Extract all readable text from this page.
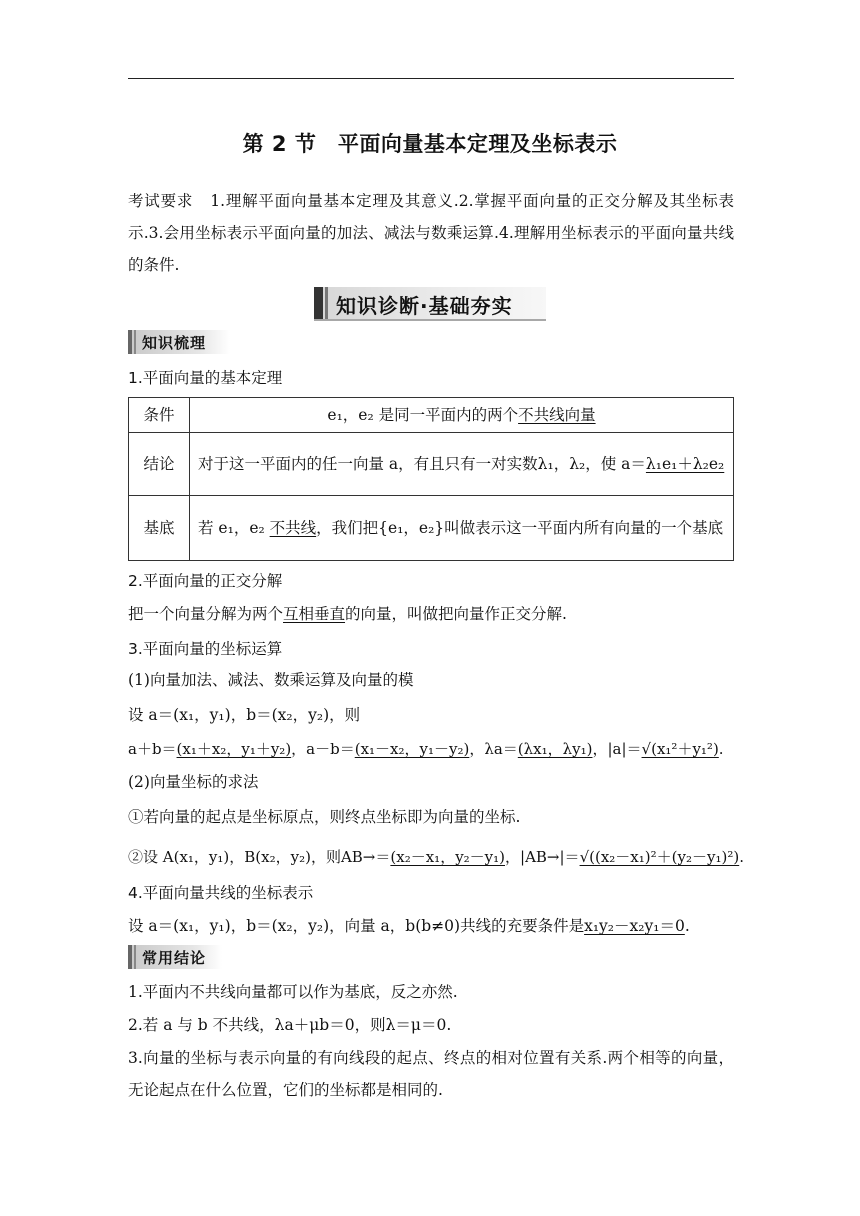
第 2 节　平面向量基本定理及坐标表示
考试要求 1.理解平面向量基本定理及其意义.2.掌握平面向量的正交分解及其坐标表示.3.会用坐标表示平面向量的加法、减法与数乘运算.4.理解用坐标表示的平面向量共线的条件.
知识诊断·基础夯实
知识梳理
1.平面向量的基本定理
条件	e₁，e₂ 是同一平面内的两个不共线向量
结论	对于这一平面内的任一向量 a，有且只有一对实数λ₁，λ₂，使 a＝λ₁e₁＋λ₂e₂
基底	若 e₁，e₂ 不共线，我们把{e₁，e₂}叫做表示这一平面内所有向量的一个基底
2.平面向量的正交分解
把一个向量分解为两个互相垂直的向量，叫做把向量作正交分解.
3.平面向量的坐标运算
(1)向量加法、减法、数乘运算及向量的模
设 a＝(x₁，y₁)，b＝(x₂，y₂)，则
a＋b＝(x₁＋x₂，y₁＋y₂)，a－b＝(x₁－x₂，y₁－y₂)，λa＝(λx₁，λy₁)，|a|＝√(x₁²＋y₁²).
(2)向量坐标的求法
①若向量的起点是坐标原点，则终点坐标即为向量的坐标.
②设 A(x₁，y₁)，B(x₂，y₂)，则AB→＝(x₂－x₁，y₂－y₁)，|AB→|＝√((x₂－x₁)²＋(y₂－y₁)²).
4.平面向量共线的坐标表示
设 a＝(x₁，y₁)，b＝(x₂，y₂)，向量 a，b(b≠0)共线的充要条件是x₁y₂－x₂y₁＝0.
常用结论
1.平面内不共线向量都可以作为基底，反之亦然.
2.若 a 与 b 不共线，λa＋μb＝0，则λ＝μ＝0.
3.向量的坐标与表示向量的有向线段的起点、终点的相对位置有关系.两个相等的向量，无论起点在什么位置，它们的坐标都是相同的.
